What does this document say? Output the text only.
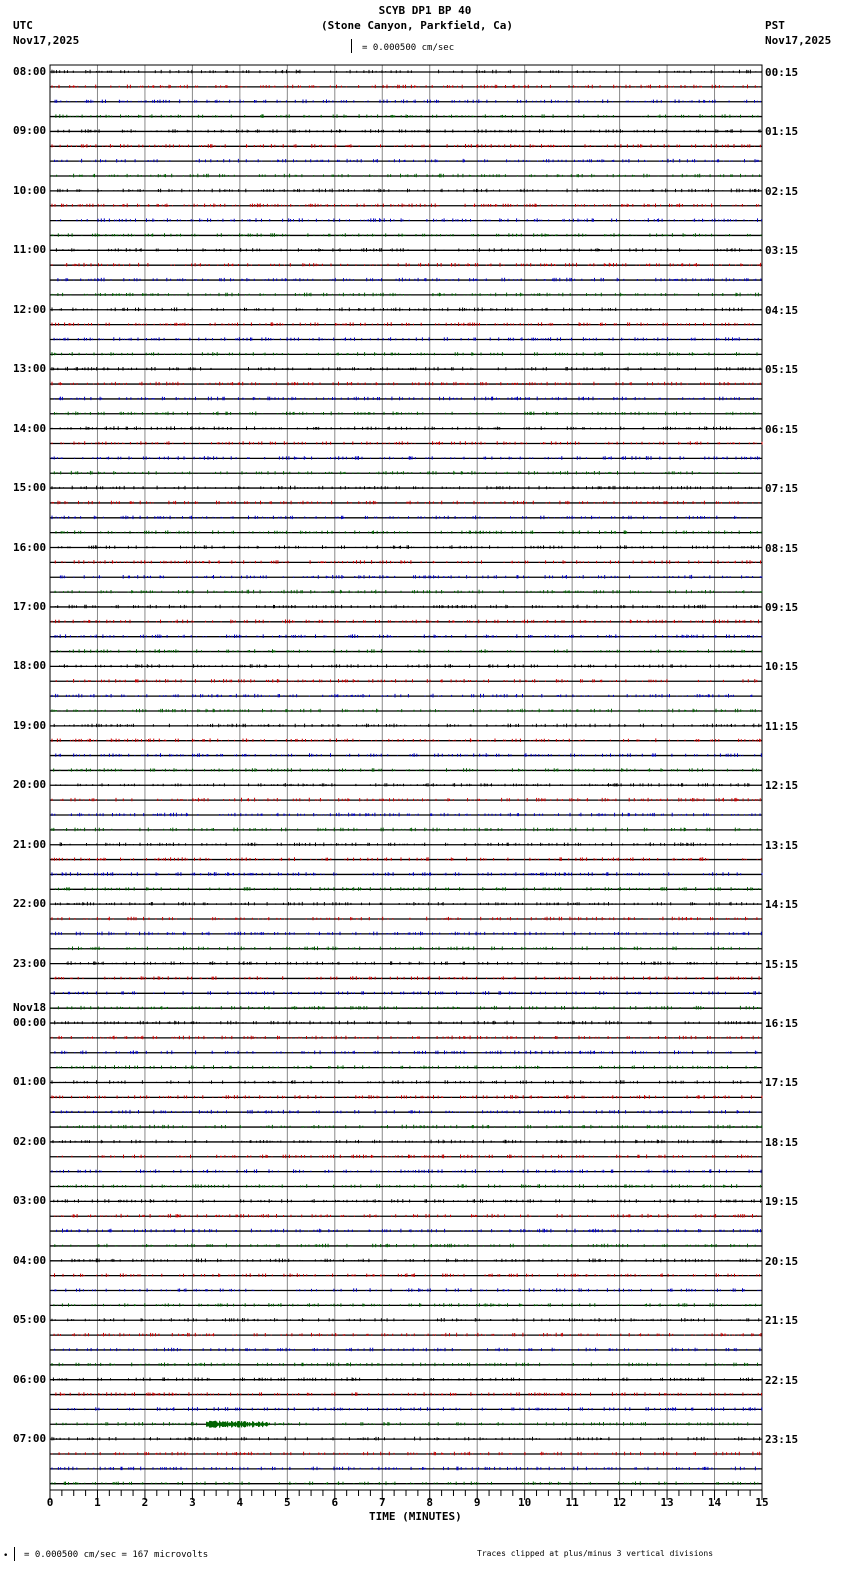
SCYB DP1 BP 40
(Stone Canyon, Parkfield, Ca)
UTC
Nov17,2025
PST
Nov17,2025
= 0.000500 cm/sec
0	1	2	3	4	5	6	7	8	9	10	11	12	13	14	15
08:00	00:15
09:00	01:15
10:00	02:15
11:00	03:15
12:00	04:15
13:00	05:15
14:00	06:15
15:00	07:15
16:00	08:15
17:00	09:15
18:00	10:15
19:00	11:15
20:00	12:15
21:00	13:15
22:00	14:15
23:00	15:15
00:00	16:15
Nov18
01:00	17:15
02:00	18:15
03:00	19:15
04:00	20:15
05:00	21:15
06:00	22:15
07:00	23:15
TIME (MINUTES)
• = 0.000500 cm/sec = 167 microvolts	Traces clipped at plus/minus 3 vertical divisions
